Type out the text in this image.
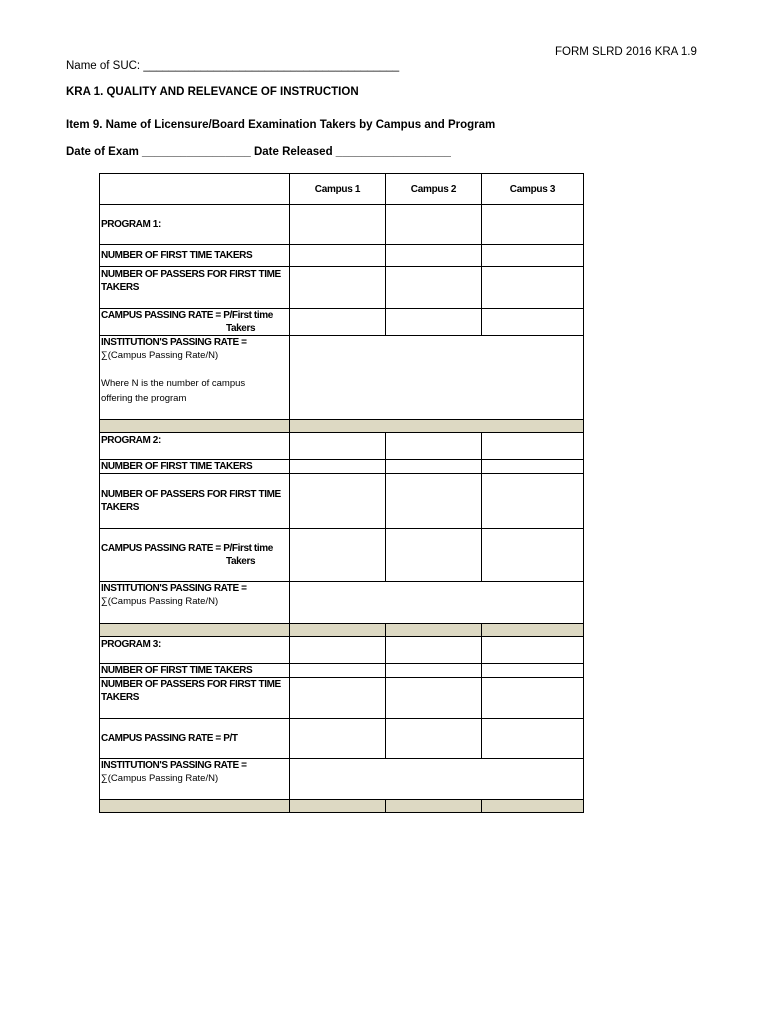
FORM SLRD 2016 KRA 1.9
Name of SUC: ________________________________________
KRA 1. QUALITY AND RELEVANCE OF INSTRUCTION
Item 9. Name of Licensure/Board Examination Takers by Campus and Program
Date of Exam _________________ Date Released __________________
	Campus 1	Campus 2	Campus 3
PROGRAM 1:			
NUMBER OF FIRST TIME TAKERS			
NUMBER OF PASSERS FOR FIRST TIME TAKERS			
CAMPUS PASSING RATE = P/First time
Takers			

INSTITUTION'S PASSING RATE =
∑(Campus Passing Rate/N)
Where N is the number of campus
offering the program			

PROGRAM 2:			
NUMBER OF FIRST TIME TAKERS			
NUMBER OF PASSERS FOR FIRST TIME TAKERS			
CAMPUS PASSING RATE = P/First time
Takers			

INSTITUTION'S PASSING RATE =
∑(Campus Passing Rate/N)			

PROGRAM 3:			
NUMBER OF FIRST TIME TAKERS			
NUMBER OF PASSERS FOR FIRST TIME TAKERS			
CAMPUS PASSING RATE = P/T			

INSTITUTION'S PASSING RATE =
∑(Campus Passing Rate/N)			
